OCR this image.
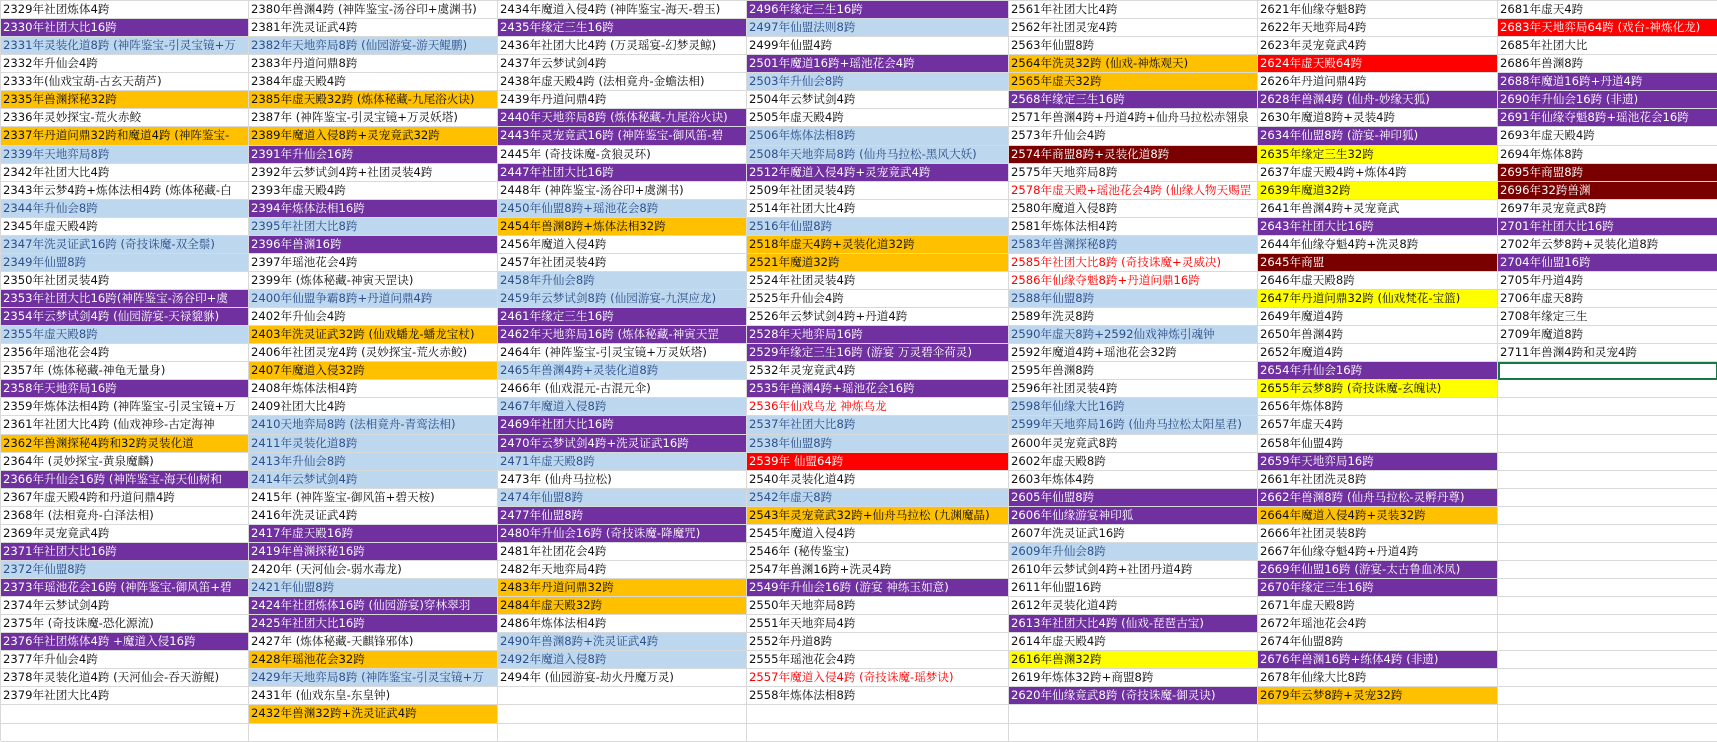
2329年社团炼体4跨
2330年社团大比16跨
2331年灵装化道8跨 (神阵鉴宝-引灵宝镜+万
2332年升仙会4跨
2333年(仙戏宝葫-古玄天葫芦)
2335年兽渊探秘32跨
2336年灵妙探宝-荒火赤鲛
2337年丹道问鼎32跨和魔道4跨 (神阵鉴宝-
2339年天地弈局8跨
2342年社团大比4跨
2343年云梦4跨+炼体法相4跨 (炼体秘藏-白
2344年升仙会8跨
2345年虚天殿4跨
2347年洗灵证武16跨 (奇技诛魔-双全鬃)
2349年仙盟8跨
2350年社团灵装4跨
2353年社团大比16跨(神阵鉴宝-汤谷印+虞
2354年云梦试剑4跨 (仙园游宴-天禄貔貅)
2355年虚天殿8跨
2356年瑶池花会4跨
2357年 (炼体秘藏-神龟无量身)
2358年天地弈局16跨
2359年炼体法相4跨 (神阵鉴宝-引灵宝镜+万
2361年社团大比4跨 (仙戏神珍-古定海神
2362年兽渊探秘4跨和32跨灵装化道
2364年 (灵妙探宝-黄泉魔麟)
2366年升仙会16跨 (神阵鉴宝-海天仙树和
2367年虚天殿4跨和丹道问鼎4跨
2368年 (法相竟舟-白泽法相)
2369年灵宠竟武4跨
2371年社团大比16跨
2372年仙盟8跨
2373年瑶池花会16跨 (神阵鉴宝-御风笛+碧
2374年云梦试剑4跨
2375年 (奇技诛魔-恐化源流)
2376年社团炼体4跨 +魔道入侵16跨
2377年升仙会4跨
2378年灵装化道4跨 (天河仙会-吞天游鲲)
2379年社团大比4跨
2380年兽渊4跨 (神阵鉴宝-汤谷印+虞渊书)
2381年洗灵证武4跨
2382年天地弈局8跨 (仙园游宴-游天鲲鹏)
2383年丹道问鼎8跨
2384年虚天殿4跨
2385年虚天殿32跨 (炼体秘藏-九尾浴火诀)
2387年 (神阵鉴宝-引灵宝镜+万灵妖塔)
2389年魔道入侵8跨+灵宠竟武32跨
2391年升仙会16跨
2392年云梦试剑4跨+社团灵装4跨
2393年虚天殿4跨
2394年炼体法相16跨
2395年社团大比8跨
2396年兽渊16跨
2397年瑶池花会4跨
2399年 (炼体秘藏-神寅天罡诀)
2400年仙盟争霸8跨+丹道问鼎4跨
2402年升仙会4跨
2403年洗灵证武32跨 (仙戏蟠龙-蟠龙宝杖)
2406年社团灵宠4跨 (灵妙探宝-荒火赤鲛)
2407年魔道入侵32跨
2408年炼体法相4跨
2409社团大比4跨
2410天地弈局8跨 (法相竟舟-青鸾法相)
2411年灵装化道8跨
2413年升仙会8跨
2414年云梦试剑4跨
2415年 (神阵鉴宝-御风笛+碧天桉)
2416年洗灵证武4跨
2417年虚天殿16跨
2419年兽渊探秘16跨
2420年 (天河仙会-弱水毒龙)
2421年仙盟8跨
2424年社团炼体16跨 (仙园游宴)穿林翠羽
2425年社团大比16跨
2427年 (炼体秘藏-天麒锋邪体)
2428年瑶池花会32跨
2429年天地弈局8跨 (神阵鉴宝-引灵宝镜+万
2431年 (仙戏东皇-东皇钟)
2432年兽渊32跨+洗灵证武4跨
2434年魔道入侵4跨 (神阵鉴宝-海天-碧玉)
2435年缘定三生16跨
2436年社团大比4跨 (万灵瑶宴-幻梦灵鲸)
2437年云梦试剑4跨
2438年虚天殿4跨 (法相竟舟-金蟾法相)
2439年丹道问鼎4跨
2440年天地弈局8跨 (炼体秘藏-九尾浴火诀)
2443年灵宠竟武16跨 (神阵鉴宝-御风笛-碧
2445年 (奇技诛魔-贪狼灵环)
2447年社团大比16跨
2448年 (神阵鉴宝-汤谷印+虞渊书)
2450年仙盟8跨+瑶池花会8跨
2454年兽渊8跨+炼体法相32跨
2456年魔道入侵4跨
2457年社团灵装4跨
2458年升仙会8跨
2459年云梦试剑8跨 (仙园游宴-九溟应龙)
2461年缘定三生16跨
2462年天地弈局16跨 (炼体秘藏-神寅天罡
2464年 (神阵鉴宝-引灵宝镜+万灵妖塔)
2465年兽渊4跨+灵装化道8跨
2466年 (仙戏混元-古混元伞)
2467年魔道入侵8跨
2469年社团大比16跨
2470年云梦试剑4跨+洗灵证武16跨
2471年虚天殿8跨
2473年 (仙舟马拉松)
2474年仙盟8跨
2477年仙盟8跨
2480年升仙会16跨 (奇技诛魔-降魔咒)
2481年社团花会4跨
2482年天地弈局4跨
2483年丹道问鼎32跨
2484年虚天殿32跨
2486年炼体法相4跨
2490年兽渊8跨+洗灵证武4跨
2492年魔道入侵8跨
2494年 (仙园游宴-劫火丹魔万灵)
2496年缘定三生16跨
2497年仙盟法则8跨
2499年仙盟4跨
2501年魔道16跨+瑶池花会4跨
2503年升仙会8跨
2504年云梦试剑4跨
2505年虚天殿4跨
2506年炼体法相8跨
2508年天地弈局8跨 (仙舟马拉松-黑风大妖)
2512年魔道入侵4跨+灵宠竟武4跨
2509年社团灵装4跨
2514年社团大比4跨
2516年仙盟8跨
2518年虚天4跨+灵装化道32跨
2521年魔道32跨
2524年社团灵装4跨
2525年升仙会4跨
2526年云梦试剑4跨+丹道4跨
2528年天地弈局16跨
2529年缘定三生16跨 (游宴 万灵碧伞荷灵)
2532年灵宠竟武4跨
2535年兽渊4跨+瑶池花会16跨
2536年仙戏乌龙 神炼乌龙
2537年社团大比8跨
2538年仙盟8跨
2539年 仙盟64跨
2540年灵装化道4跨
2542年虚天8跨
2543年灵宠竟武32跨+仙舟马拉松 (九渊魔晶)
2545年魔道入侵4跨
2546年 (秘传鉴宝)
2547年兽渊16跨+洗灵4跨
2549年升仙会16跨 (游宴 神练玉如意)
2550年天地弈局8跨
2551年天地弈局4跨
2552年丹道8跨
2555年瑶池花会4跨
2557年魔道入侵4跨 (奇技诛魔-瑶梦诀)
2558年炼体法相8跨
2561年社团大比4跨
2562年社团灵宠4跨
2563年仙盟8跨
2564年洗灵32跨 (仙戏-神炼观天)
2565年虚天32跨
2568年缘定三生16跨
2571年兽渊4跨+丹道4跨+仙舟马拉松赤翎泉
2573年升仙会4跨
2574年商盟8跨+灵装化道8跨
2575年天地弈局8跨
2578年虚天殿+瑶池花会4跨 (仙缘人物天赐罡
2580年魔道入侵8跨
2581年炼体法相4跨
2583年兽渊探秘8跨
2585年社团大比8跨 (奇技诛魔+灵威决)
2586年仙缘夺魁8跨+丹道问鼎16跨
2588年仙盟8跨
2589年洗灵8跨
2590年虚天8跨+2592仙戏神炼引魂钟
2592年魔道4跨+瑶池花会32跨
2595年兽渊8跨
2596年社团灵装4跨
2598年仙缘大比16跨
2599年天地弈局16跨 (仙舟马拉松太阳星君)
2600年灵宠竟武8跨
2602年虚天殿8跨
2603年炼体4跨
2605年仙盟8跨
2606年仙缘游宴神印狐
2607年洗灵证武16跨
2609年升仙会8跨
2610年云梦试剑4跨+社团丹道4跨
2611年仙盟16跨
2612年灵装化道4跨
2613年社团大比4跨 (仙戏-琵琶古宝)
2614年虚天殿4跨
2616年兽渊32跨
2619年炼体32跨+商盟8跨
2620年仙缘竟武8跨 (奇技诛魔-御灵诀)
2621年仙缘夺魁8跨
2622年天地弈局4跨
2623年灵宠竟武4跨
2624年虚天殿64跨
2626年丹道问鼎4跨
2628年兽渊4跨 (仙舟-妙缘天狐)
2630年魔道8跨+灵装4跨
2634年仙盟8跨 (游宴-神印狐)
2635年缘定三生32跨
2637年虚天殿4跨+炼体4跨
2639年魔道32跨
2641年兽渊4跨+灵宠竟武
2643年社团大比16跨
2644年仙缘夺魁4跨+洗灵8跨
2645年商盟
2646年虚天殿8跨
2647年丹道问鼎32跨 (仙戏梵花-宝篮)
2649年魔道4跨
2650年兽渊4跨
2652年魔道4跨
2654年升仙会16跨
2655年云梦8跨 (奇技诛魔-玄魄诀)
2656年炼体8跨
2657年虚天4跨
2658年仙盟4跨
2659年天地弈局16跨
2661年社团洗灵8跨
2662年兽渊8跨 (仙舟马拉松-灵孵丹尊)
2664年魔道入侵4跨+灵装32跨
2666年社团灵装8跨
2667年仙缘夺魁4跨+丹道4跨
2669年仙盟16跨 (游宴-太古鲁血冰凤)
2670年缘定三生16跨
2671年虚天殿8跨
2672年瑶池花会4跨
2674年仙盟8跨
2676年兽渊16跨+练体4跨 (非遗)
2678年仙缘大比8跨
2679年云梦8跨+灵宠32跨
2681年虚天4跨
2683年天地弈局64跨 (戏台-神炼化龙)
2685年社团大比
2686年兽渊8跨
2688年魔道16跨+丹道4跨
2690年升仙会16跨 (非遗)
2691年仙缘夺魁8跨+瑶池花会16跨
2693年虚天殿4跨
2694年炼体8跨
2695年商盟8跨
2696年32跨兽渊
2697年灵宠竟武8跨
2701年社团大比16跨
2702年云梦8跨+灵装化道8跨
2704年仙盟16跨
2705年丹道4跨
2706年虚天8跨
2708年缘定三生
2709年魔道8跨
2711年兽渊4跨和灵宠4跨
